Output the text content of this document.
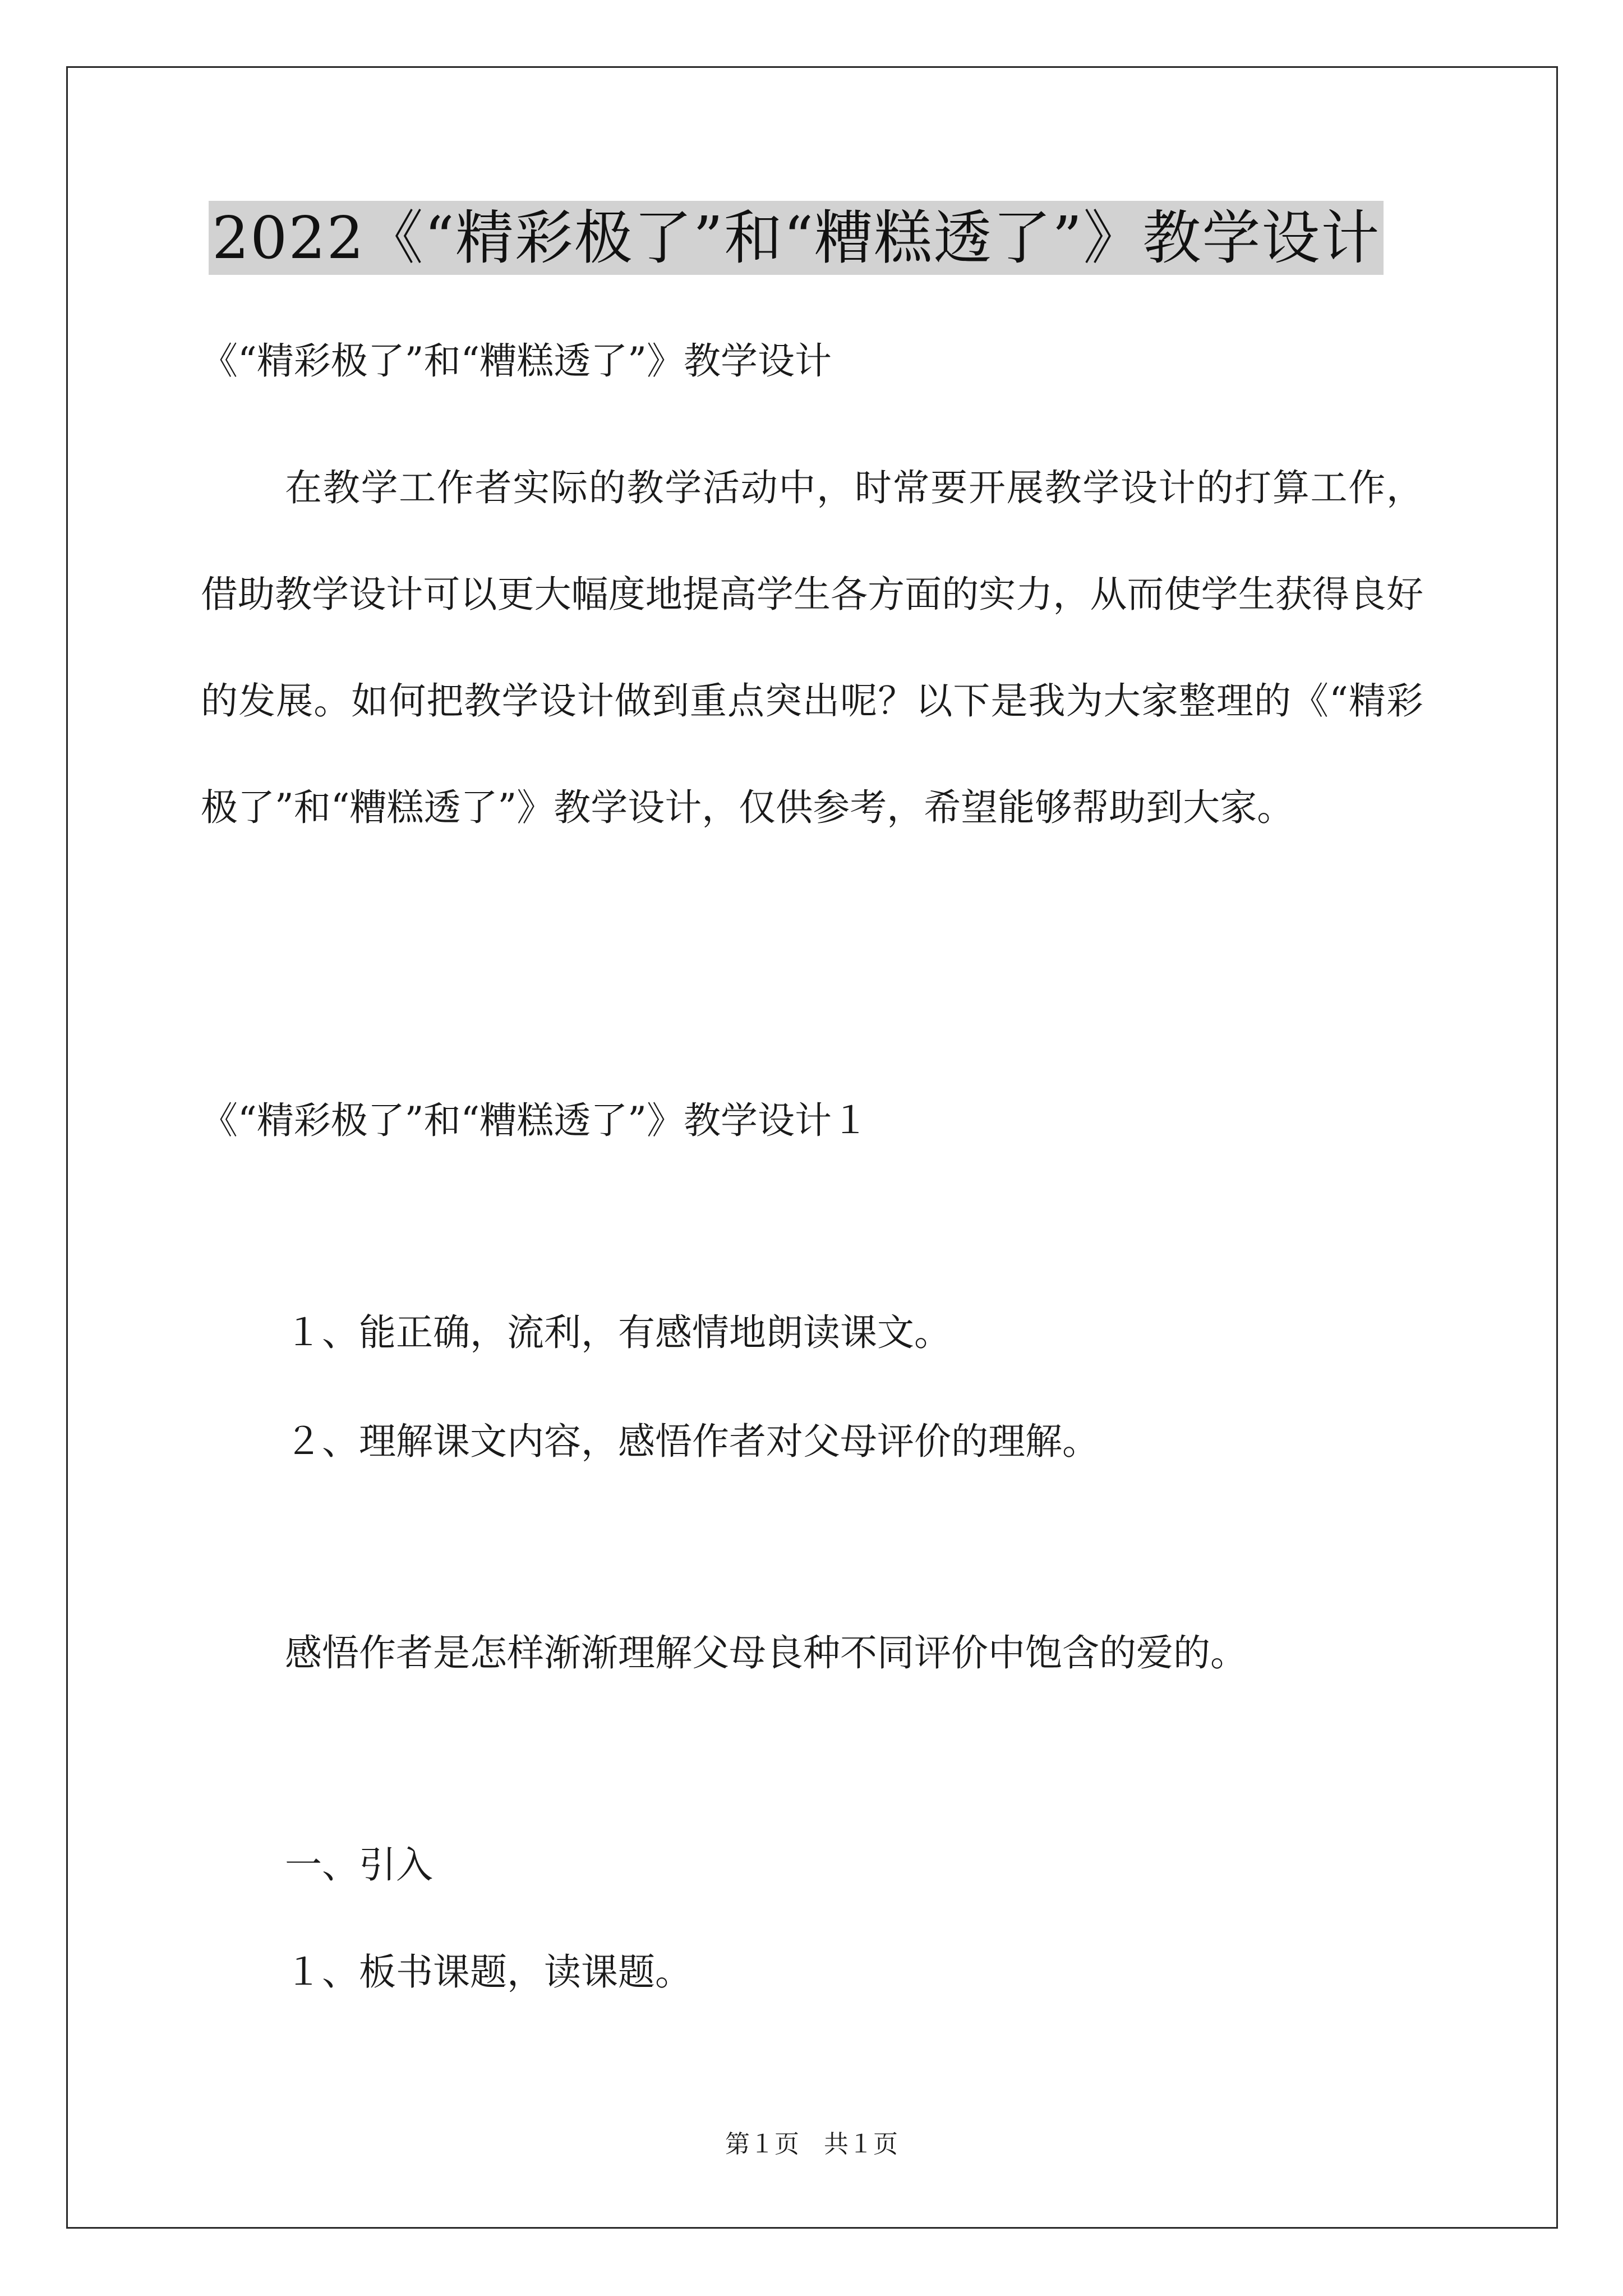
2022《“精彩极了”和“糟糕透了”》教学设计
《“精彩极了”和“糟糕透了”》教学设计
在教学工作者实际的教学活动中，时常要开展教学设计的打算工作，借助教学设计可以更大幅度地提高学生各方面的实力，从而使学生获得良好的发展。如何把教学设计做到重点突出呢？以下是我为大家整理的《“精彩极了”和“糟糕透了”》教学设计，仅供参考，希望能够帮助到大家。
《“精彩极了”和“糟糕透了”》教学设计１
１、能正确，流利，有感情地朗读课文。
２、理解课文内容，感悟作者对父母评价的理解。
感悟作者是怎样渐渐理解父母良种不同评价中饱含的爱的。
一、引入
１、板书课题，读课题。
第１页　共１页
